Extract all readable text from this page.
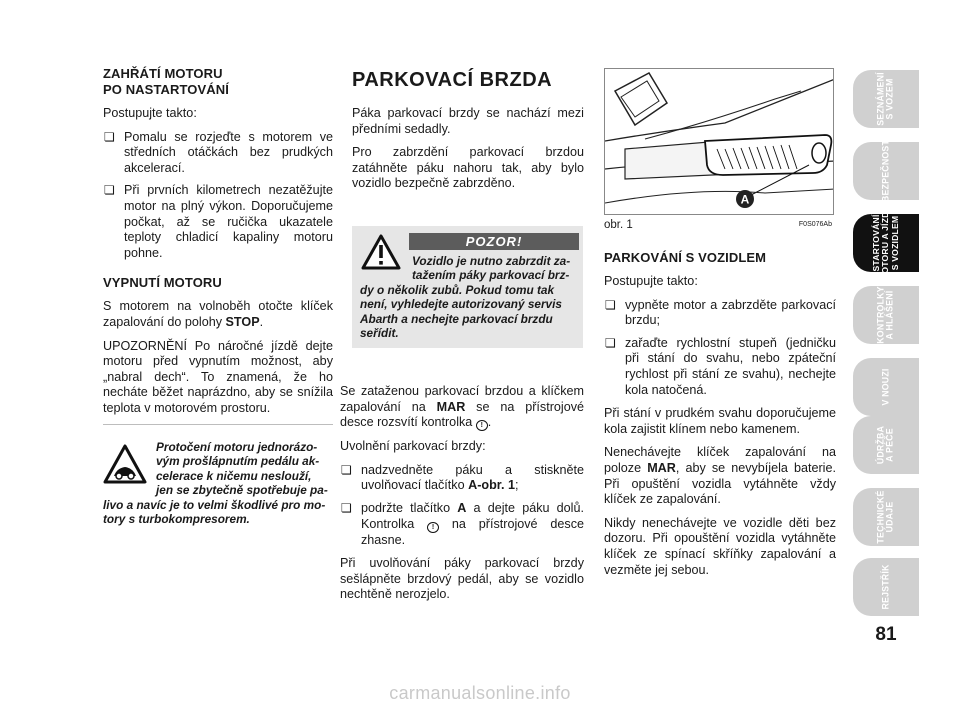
ZAHŘÁTÍ MOTORU
PO NASTARTOVÁNÍ

Postupujte takto:

❏ Pomalu se rozjeďte s motorem ve středních otáčkách bez prudkých akcelerací.
❏ Při prvních kilometrech nezatěžujte motor na plný výkon. Doporučujeme počkat, až se ručička ukazatele teploty chladicí kapaliny motoru pohne.
VYPNUTÍ MOTORU

S motorem na volnoběh otočte klíček zapalování do polohy STOP.

UPOZORNĚNÍ Po náročné jízdě dejte motoru před vypnutím možnost, aby „nabral dech“. To znamená, že ho necháte běžet naprázdno, aby se snížila teplota v motorovém prostoru.

Protočení motoru jednorázo-
vým prošlápnutím pedálu ak-
celerace k ničemu neslouží,
jen se zbytečně spotřebuje pa-
livo a navíc je to velmi škodlivé pro mo-
tory s turbokompresorem.
PARKOVACÍ BRZDA

Páka parkovací brzdy se nachází mezi předními sedadly.

Pro zabrzdění parkovací brzdou zatáhněte páku nahoru tak, aby bylo vozidlo bezpečně zabrzděno.

POZOR!
Vozidlo je nutno zabrzdit za-
tažením páky parkovací brz-
dy o několik zubů. Pokud tomu tak
není, vyhledejte autorizovaný servis
Abarth a nechejte parkovací brzdu
seřídit.

Se zataženou parkovací brzdou a klíčkem zapalování na MAR se na přístrojové desce rozsvítí kontrolka ! .

Uvolnění parkovací brzdy:

❏ nadzvedněte páku a stiskněte uvolňovací tlačítko A-obr. 1;
❏ podržte tlačítko A a dejte páku dolů. Kontrolka ! na přístrojové desce zhasne.

Při uvolňování páky parkovací brzdy sešlápněte brzdový pedál, aby se vozidlo nechtěně nerozjelo.

A
obr. 1	F0S076Ab
PARKOVÁNÍ S VOZIDLEM

Postupujte takto:

❏ vypněte motor a zabrzděte parkovací brzdu;
❏ zařaďte rychlostní stupeň (jedničku při stání do svahu, nebo zpáteční rychlost při stání ze svahu), nechejte kola natočená.

Při stání v prudkém svahu doporučujeme kola zajistit klínem nebo kamenem.

Nenechávejte klíček zapalování na poloze MAR, aby se nevybíjela baterie. Při opuštění vozidla vytáhněte vždy klíček ze zapalování.

Nikdy nenechávejte ve vozidle děti bez dozoru. Při opouštění vozidla vytáhněte klíček ze spínací skříňky zapalování a vezměte jej sebou.

SEZNÁMENÍ
S VOZEM
BEZPEČNOST
STARTOVÁNÍ
MOTORU A JÍZDA
S VOZIDLEM
KONTROLKY
A HLÁŠENÍ
V NOUZI
ÚDRŽBA
A PÉČE
TECHNICKÉ
ÚDAJE
REJSTŘÍK
81
carmanualsonline.info
